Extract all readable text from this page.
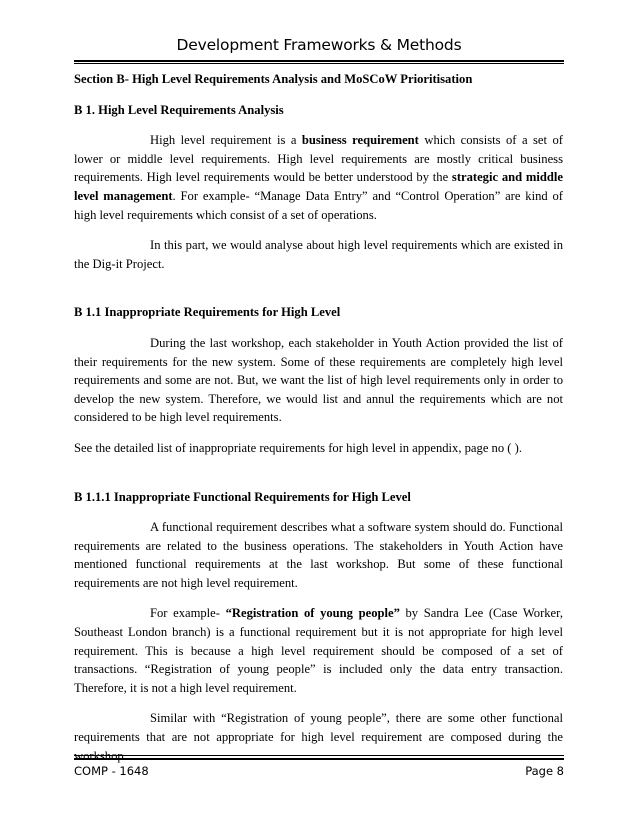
Development Frameworks & Methods

Section B- High Level Requirements Analysis and MoSCoW Prioritisation

B 1. High Level Requirements Analysis

High level requirement is a business requirement which consists of a set of lower or middle level requirements. High level requirements are mostly critical business requirements. High level requirements would be better understood by the strategic and middle level management. For example- “Manage Data Entry” and “Control Operation” are kind of high level requirements which consist of a set of operations.

In this part, we would analyse about high level requirements which are existed in the Dig-it Project.

B 1.1 Inappropriate Requirements for High Level

During the last workshop, each stakeholder in Youth Action provided the list of their requirements for the new system. Some of these requirements are completely high level requirements and some are not. But, we want the list of high level requirements only in order to develop the new system. Therefore, we would list and annul the requirements which are not considered to be high level requirements.

See the detailed list of inappropriate requirements for high level in appendix, page no ( ).

B 1.1.1 Inappropriate Functional Requirements for High Level

A functional requirement describes what a software system should do. Functional requirements are related to the business operations. The stakeholders in Youth Action have mentioned functional requirements at the last workshop. But some of these functional requirements are not high level requirement.

For example- “Registration of young people” by Sandra Lee (Case Worker, Southeast London branch) is a functional requirement but it is not appropriate for high level requirement. This is because a high level requirement should be composed of a set of transactions. “Registration of young people” is included only the data entry transaction. Therefore, it is not a high level requirement.

Similar with “Registration of young people”, there are some other functional requirements that are not appropriate for high level requirement are composed during the workshop.

COMP - 1648	Page 8
